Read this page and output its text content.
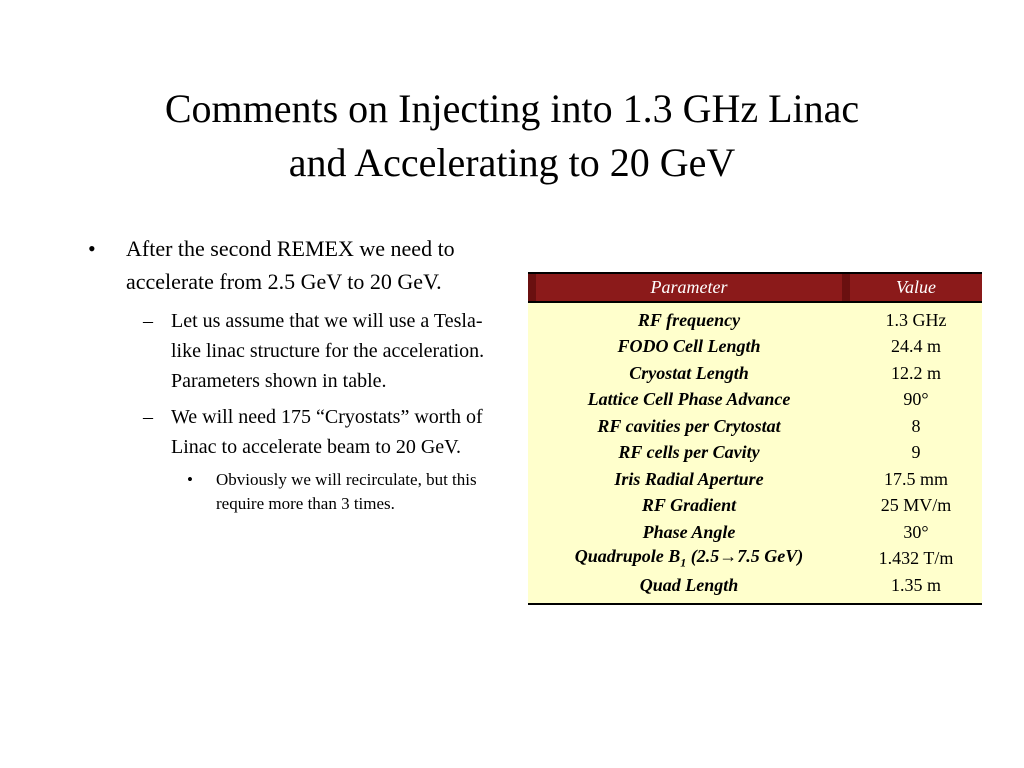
Comments on Injecting into 1.3 GHz Linac
and Accelerating to 20 GeV
• After the second REMEX we need to accelerate from 2.5 GeV to 20 GeV.
– Let us assume that we will use a Tesla-like linac structure for the acceleration. Parameters shown in table.
– We will need 175 “Cryostats” worth of Linac to accelerate beam to 20 GeV.
• Obviously we will recirculate, but this require more than 3 times.
Parameter	Value
RF frequency	1.3 GHz
FODO Cell Length	24.4 m
Cryostat Length	12.2 m
Lattice Cell Phase Advance	90°
RF cavities per Crytostat	8
RF cells per Cavity	9
Iris Radial Aperture	17.5 mm
RF Gradient	25 MV/m
Phase Angle	30°
Quadrupole $B_1$ (2.5→7.5 GeV)	1.432 T/m
Quad Length	1.35 m
